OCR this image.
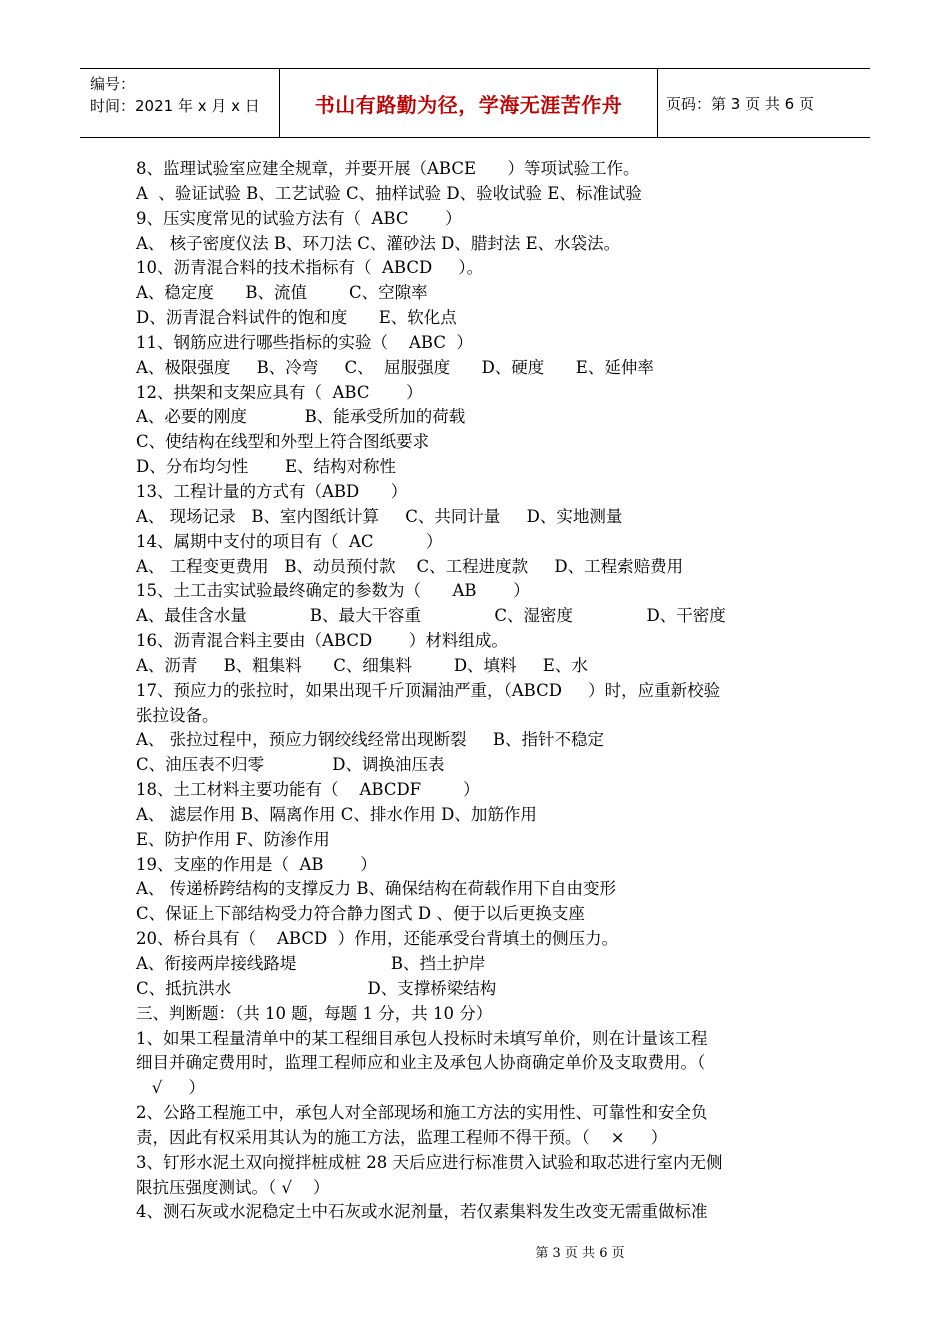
编号：
时间：2021 年 x 月 x 日	书山有路勤为径，学海无涯苦作舟	页码：第 3 页 共 6 页
8、监理试验室应建全规章，并要开展（ABCE      ）等项试验工作。
A  、验证试验 B、工艺试验 C、抽样试验 D、验收试验 E、标准试验
9、压实度常见的试验方法有（  ABC       ）
A、 核子密度仪法 B、环刀法 C、灌砂法 D、腊封法 E、水袋法。
10、沥青混合料的技术指标有（  ABCD     ）。
A、稳定度      B、流值        C、空隙率
D、沥青混合料试件的饱和度      E、软化点
11、钢筋应进行哪些指标的实验（    ABC  ）
A、极限强度     B、冷弯     C、  屈服强度      D、硬度      E、延伸率
12、拱架和支架应具有（  ABC       ）
A、必要的刚度           B、能承受所加的荷载
C、使结构在线型和外型上符合图纸要求
D、分布均匀性       E、结构对称性
13、工程计量的方式有（ABD      ）
A、 现场记录   B、室内图纸计算     C、共同计量     D、实地测量
14、属期中支付的项目有（  AC          ）
A、 工程变更费用   B、动员预付款    C、工程进度款     D、工程索赔费用
15、土工击实试验最终确定的参数为（      AB       ）
A、最佳含水量            B、最大干容重              C、湿密度              D、干密度
16、沥青混合料主要由（ABCD       ）材料组成。
A、沥青     B、粗集料      C、细集料        D、填料     E、水
17、预应力的张拉时，如果出现千斤顶漏油严重，（ABCD     ）时，应重新校验
张拉设备。
A、 张拉过程中，预应力钢绞线经常出现断裂     B、指针不稳定
C、油压表不归零             D、调换油压表
18、土工材料主要功能有（    ABCDF        ）
A、 滤层作用 B、隔离作用 C、排水作用 D、加筋作用
E、防护作用 F、防渗作用
19、支座的作用是（  AB       ）
A、 传递桥跨结构的支撑反力 B、确保结构在荷载作用下自由变形
C、保证上下部结构受力符合静力图式 D 、便于以后更换支座
20、桥台具有（    ABCD  ）作用，还能承受台背填土的侧压力。
A、衔接两岸接线路堤                  B、挡土护岸
C、抵抗洪水                          D、支撑桥梁结构
三、判断题：（共 10 题，每题 1 分，共 10 分）
1、如果工程量清单中的某工程细目承包人投标时未填写单价，则在计量该工程
细目并确定费用时，监理工程师应和业主及承包人协商确定单价及支取费用。（
√     ）
2、公路工程施工中，承包人对全部现场和施工方法的实用性、可靠性和安全负
责，因此有权采用其认为的施工方法，监理工程师不得干预。（    ×     ）
3、钉形水泥土双向搅拌桩成桩 28 天后应进行标准贯入试验和取芯进行室内无侧
限抗压强度测试。（ √    ）
4、测石灰或水泥稳定土中石灰或水泥剂量，若仅素集料发生改变无需重做标准
第 3 页 共 6 页
